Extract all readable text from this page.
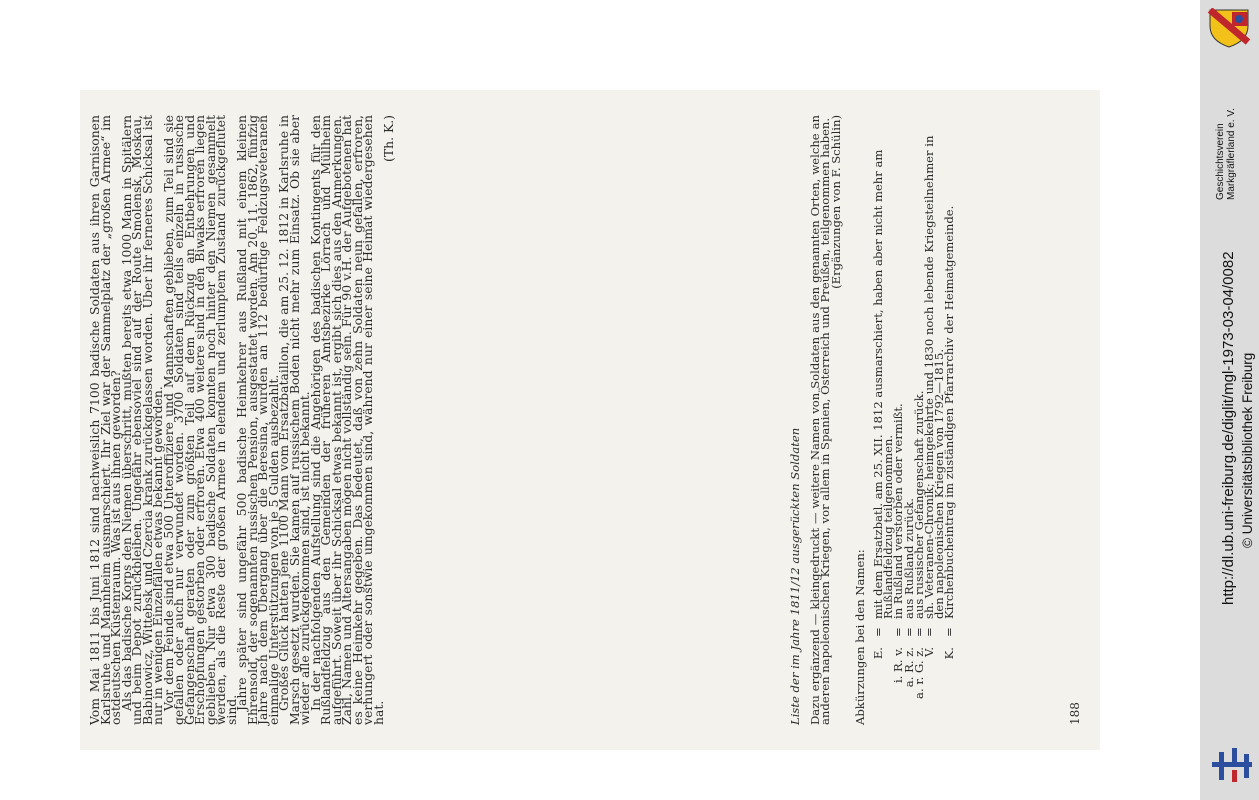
Vom Mai 1811 bis Juni 1812 sind nachweislich 7100 badische Soldaten aus ihren Garnisonen Karlsruhe und Mannheim ausmarschiert. Ihr Ziel war der Sammelplatz der „großen Armee“ im ostdeutschen Küstenraum. Was ist aus ihnen geworden?

Als das badische Korps den Niemen überschritt, mußten bereits etwa 1000 Mann in Spitälern und beim Depot zurückbleiben. Ungefähr ebensoviel sind auf der Route Smolensk, Moskau, Babinowicz, Wittebsk und Czercia krank zurückgelassen worden. Über ihr ferneres Schicksal ist nur in wenigen Einzelfällen etwas bekannt geworden.

Vor dem Feinde sind etwa 500 Unteroffiziere und Mannschaften geblieben, zum Teil sind sie gefallen oder auch nur verwundet worden. 3700 Soldaten sind teils einzeln in russische Gefangenschaft geraten oder zum größten Teil auf dem Rückzug an Entbehrungen und Erschöpfungen gestorben oder erfroren. Etwa 400 weitere sind in den Biwaks erfroren liegen geblieben. Nur etwa 300 badische Soldaten konnten noch hinter den Niemen gesammelt werden, als die Reste der großen Armee in elendem und zerlumptem Zustand zurückgeflutet sind.

Jahre später sind ungefähr 500 badische Heimkehrer aus Rußland mit einem kleinen Ehrensold, der sogenannten russischen Pension, ausgestattet worden. Am 20. 11. 1862, fünfzig Jahre nach dem Übergang über die Beresina, wurden an 112 bedürftige Feldzugsveteranen einmalige Unterstützungen von je 5 Gulden ausbezahlt.

Großes Glück hatten jene 1100 Mann vom Ersatzbataillon, die am 25. 12. 1812 in Karlsruhe in Marsch gesetzt wurden. Sie kamen auf russischem Boden nicht mehr zum Einsatz. Ob sie aber wieder alle zurückgekommen sind, ist nicht bekannt.

In der nachfolgenden Aufstellung sind die Angehörigen des badischen Kontingents für den Rußlandfeldzug aus den Gemeinden der früheren Amtsbezirke Lörrach und Müllheim aufgeführt. Soweit über ihr Schicksal etwas bekannt ist, ergibt sich dies aus den Anmerkungen. Zahl, Namen und Altersangaben mögen nicht vollständig sein. Für 90 v.H. der Aufgebotenen hat es keine Heimkehr gegeben. Das bedeutet, daß von zehn Soldaten neun gefallen, erfroren, verhungert oder sonstwie umgekommen sind, während nur einer seine Heimat wiedergesehen hat.

(Th. K.)
Liste der im Jahre 1811/12 ausgerückten Soldaten Dazu ergänzend — kleingedruckt — weitere Namen von Soldaten aus den genannten Orten, welche an anderen napoleonischen Kriegen, vor allem in Spanien, Österreich und Preußen, teilgenommen haben.

(Ergänzungen von F. Schülin)
Abkürzungen bei den Namen: E.
=
mit dem Ersatzbatl. am 25. XII. 1812 ausmarschiert, haben aber nicht mehr am Rußlandfeldzug teilgenommen.
i. R. v.
=
in Rußland verstorben oder vermißt.
a. R. z.
=
aus Rußland zurück.
a. r. G. z.
=
aus russischer Gefangenschaft zurück.
V.
=
sh. Veteranen-Chronik; heimgekehrte und 1830 noch lebende Kriegsteilnehmer in den napoleonischen Kriegen von 1792—1815.
K.
=
Kirchenbucheintrag im zuständigen Pfarrarchiv der Heimatgemeinde.
188
Geschichtsverein Markgräflerland e. V.
http://dl.ub.uni-freiburg.de/diglit/mgl-1973-03-04/0082 © Universitätsbibliothek Freiburg
